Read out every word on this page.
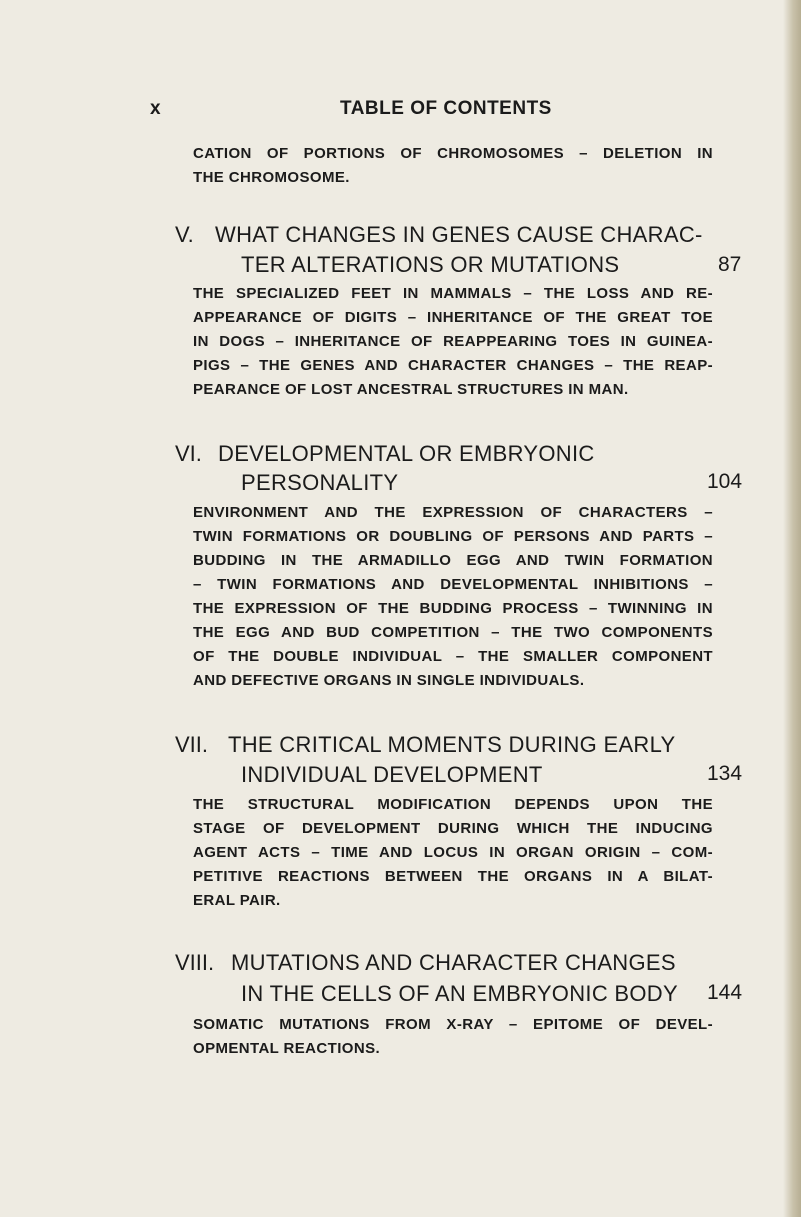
x	TABLE OF CONTENTS
CATION OF PORTIONS OF CHROMOSOMES – DELETION IN
THE CHROMOSOME.
V. WHAT CHANGES IN GENES CAUSE CHARAC-
TER ALTERATIONS OR MUTATIONS	87
THE SPECIALIZED FEET IN MAMMALS – THE LOSS AND RE-
APPEARANCE OF DIGITS – INHERITANCE OF THE GREAT TOE
IN DOGS – INHERITANCE OF REAPPEARING TOES IN GUINEA-
PIGS – THE GENES AND CHARACTER CHANGES – THE REAP-
PEARANCE OF LOST ANCESTRAL STRUCTURES IN MAN.
VI. DEVELOPMENTAL OR EMBRYONIC
PERSONALITY	104
ENVIRONMENT AND THE EXPRESSION OF CHARACTERS –
TWIN FORMATIONS OR DOUBLING OF PERSONS AND PARTS –
BUDDING IN THE ARMADILLO EGG AND TWIN FORMATION
– TWIN FORMATIONS AND DEVELOPMENTAL INHIBITIONS –
THE EXPRESSION OF THE BUDDING PROCESS – TWINNING IN
THE EGG AND BUD COMPETITION – THE TWO COMPONENTS
OF THE DOUBLE INDIVIDUAL – THE SMALLER COMPONENT
AND DEFECTIVE ORGANS IN SINGLE INDIVIDUALS.
VII. THE CRITICAL MOMENTS DURING EARLY
INDIVIDUAL DEVELOPMENT	134
THE STRUCTURAL MODIFICATION DEPENDS UPON THE
STAGE OF DEVELOPMENT DURING WHICH THE INDUCING
AGENT ACTS – TIME AND LOCUS IN ORGAN ORIGIN – COM-
PETITIVE REACTIONS BETWEEN THE ORGANS IN A BILAT-
ERAL PAIR.
VIII. MUTATIONS AND CHARACTER CHANGES
IN THE CELLS OF AN EMBRYONIC BODY 144
SOMATIC MUTATIONS FROM X-RAY – EPITOME OF DEVEL-
OPMENTAL REACTIONS.
